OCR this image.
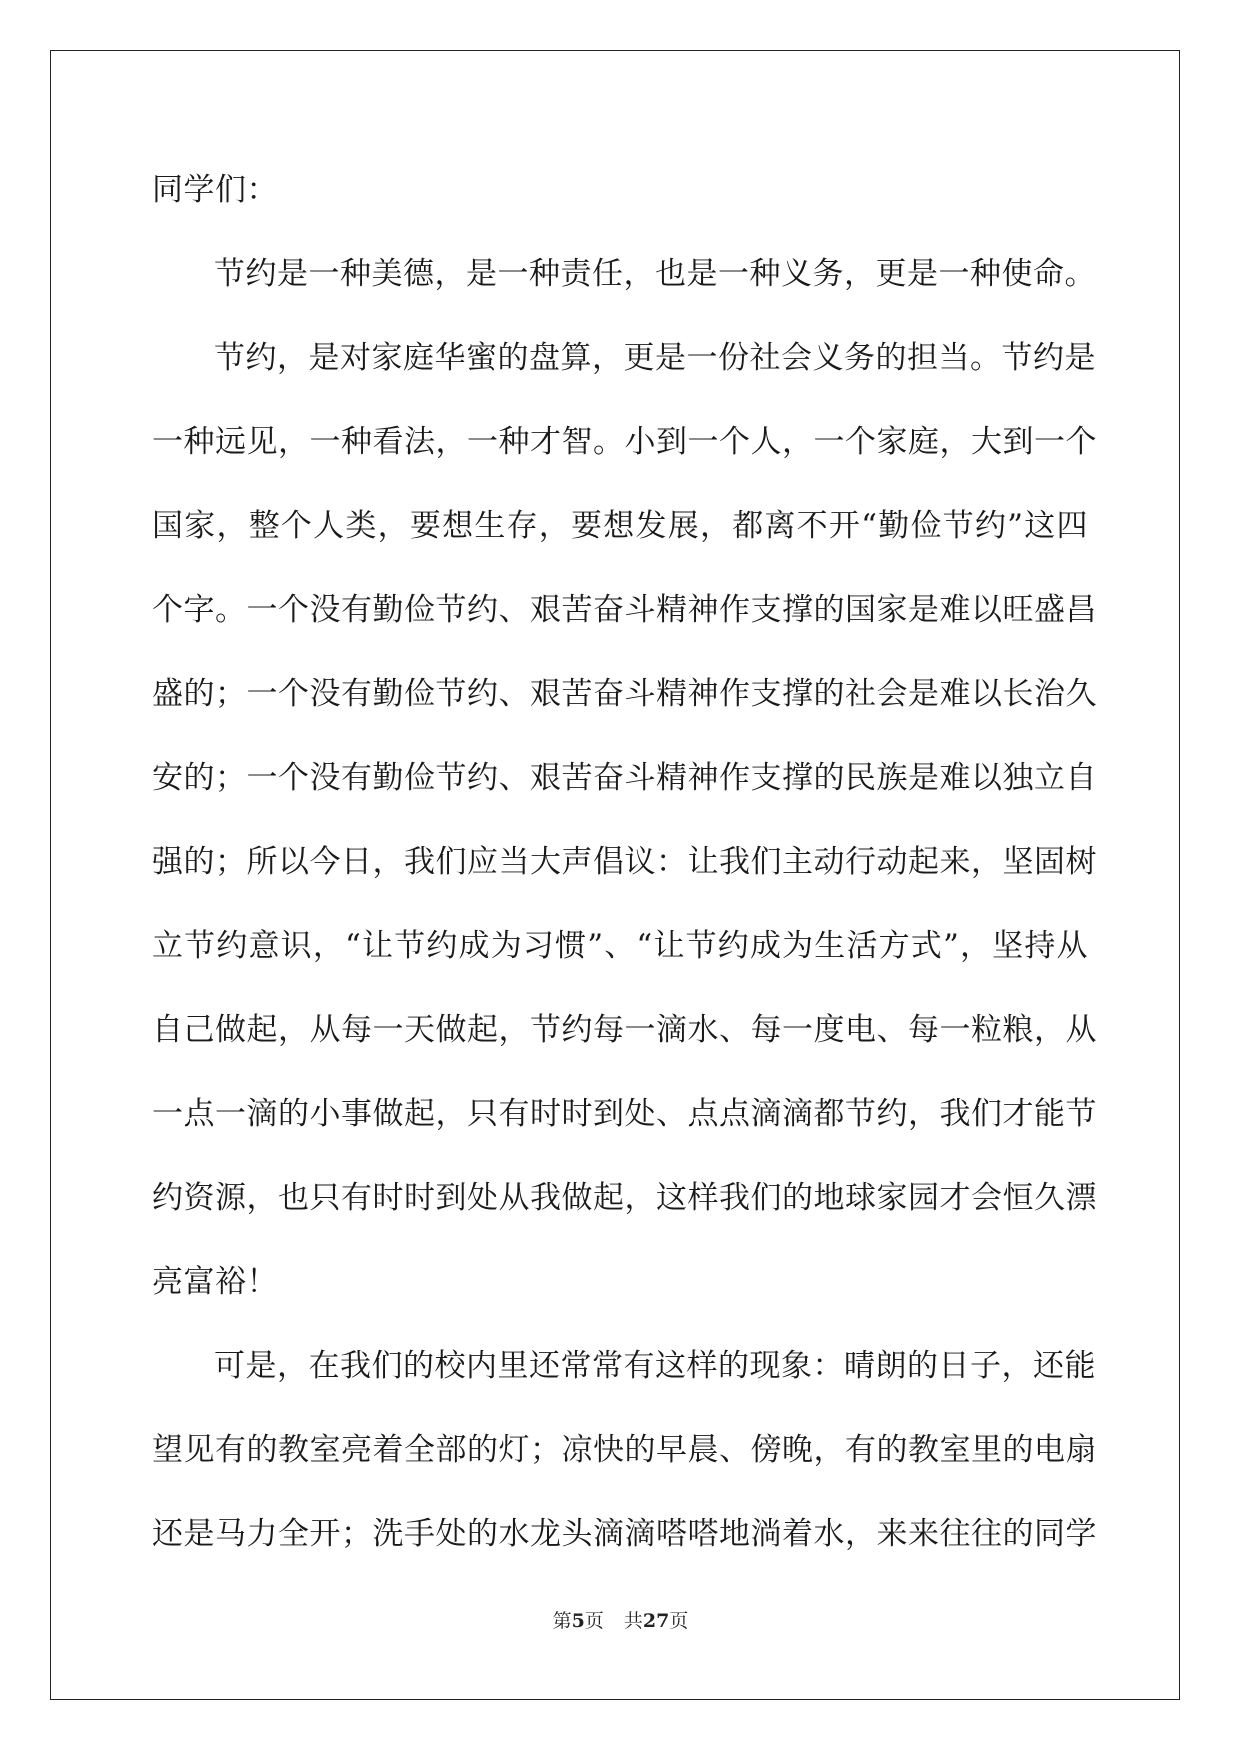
同学们：
节约是一种美德，是一种责任，也是一种义务，更是一种使命。
节约，是对家庭华蜜的盘算，更是一份社会义务的担当。节约是
一种远见，一种看法，一种才智。小到一个人，一个家庭，大到一个
国家，整个人类，要想生存，要想发展，都离不开“勤俭节约”这四
个字。一个没有勤俭节约、艰苦奋斗精神作支撑的国家是难以旺盛昌
盛的；一个没有勤俭节约、艰苦奋斗精神作支撑的社会是难以长治久
安的；一个没有勤俭节约、艰苦奋斗精神作支撑的民族是难以独立自
强的；所以今日，我们应当大声倡议：让我们主动行动起来，坚固树
立节约意识，“让节约成为习惯”、“让节约成为生活方式”，坚持从
自己做起，从每一天做起，节约每一滴水、每一度电、每一粒粮，从
一点一滴的小事做起，只有时时到处、点点滴滴都节约，我们才能节
约资源，也只有时时到处从我做起，这样我们的地球家园才会恒久漂
亮富裕！
可是，在我们的校内里还常常有这样的现象：晴朗的日子，还能
望见有的教室亮着全部的灯；凉快的早晨、傍晚，有的教室里的电扇
还是马力全开；洗手处的水龙头滴滴嗒嗒地淌着水，来来往往的同学
第5页 共27页
